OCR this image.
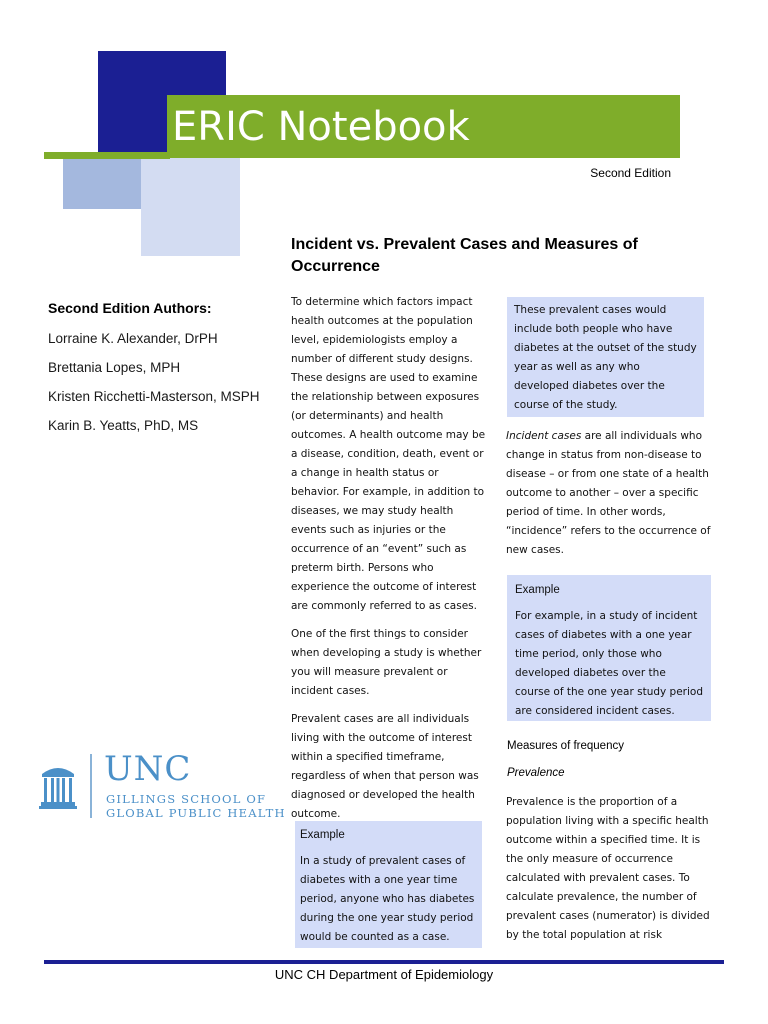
ERIC Notebook
Second Edition
Incident vs. Prevalent Cases and Measures of Occurrence
Second Edition Authors:
Lorraine K. Alexander, DrPH
Brettania Lopes, MPH
Kristen Ricchetti-Masterson, MSPH
Karin B. Yeatts, PhD, MS
UNC
GILLINGS SCHOOL OF
GLOBAL PUBLIC HEALTH

To determine which factors impact health outcomes at the population level, epidemiologists employ a number of different study designs. These designs are used to examine the relationship between exposures (or determinants) and health outcomes. A health outcome may be a disease, condition, death, event or a change in health status or behavior. For example, in addition to diseases, we may study health events such as injuries or the occurrence of an “event” such as preterm birth. Persons who experience the outcome of interest are commonly referred to as cases.

One of the first things to consider when developing a study is whether you will measure prevalent or incident cases.

Prevalent cases are all individuals living with the outcome of interest within a specified timeframe, regardless of when that person was diagnosed or developed the health outcome.

Example
In a study of prevalent cases of diabetes with a one year time period, anyone who has diabetes during the one year study period would be counted as a case.
These prevalent cases would include both people who have diabetes at the outset of the study year as well as any who developed diabetes over the course of the study.
Incident cases are all individuals who change in status from non-disease to disease – or from one state of a health outcome to another – over a specific period of time. In other words, “incidence” refers to the occurrence of new cases.
Example
For example, in a study of incident cases of diabetes with a one year time period, only those who developed diabetes over the course of the one year study period are considered incident cases.
Measures of frequency
Prevalence
Prevalence is the proportion of a population living with a specific health outcome within a specified time. It is the only measure of occurrence calculated with prevalent cases. To calculate prevalence, the number of prevalent cases (numerator) is divided by the total population at risk
UNC CH Department of Epidemiology
